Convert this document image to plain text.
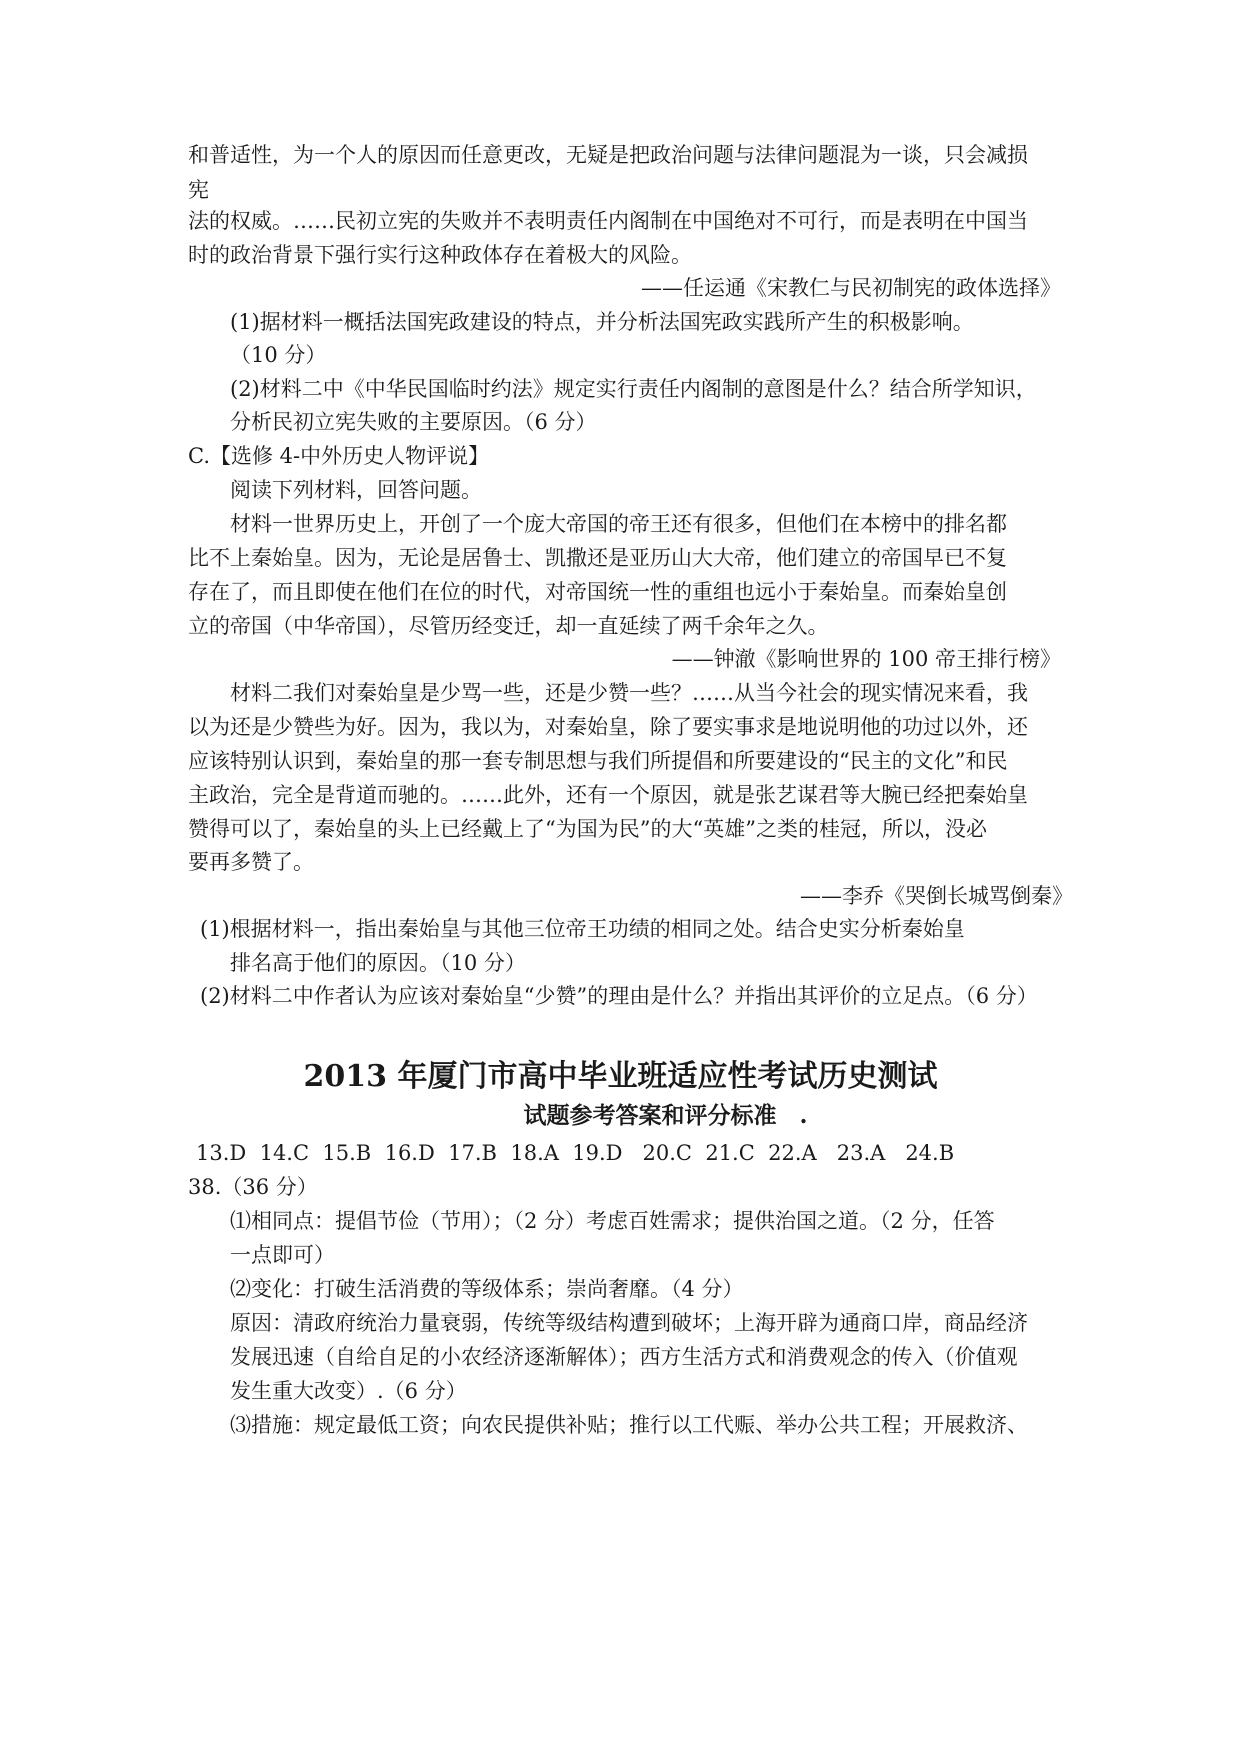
和普适性，为一个人的原因而任意更改，无疑是把政治问题与法律问题混为一谈，只会减损
宪
法的权威。……民初立宪的失败并不表明责任内阁制在中国绝对不可行，而是表明在中国当
时的政治背景下强行实行这种政体存在着极大的风险。
——任运通《宋教仁与民初制宪的政体选择》
(1)据材料一概括法国宪政建设的特点，并分析法国宪政实践所产生的积极影响。
（10 分）
(2)材料二中《中华民国临时约法》规定实行责任内阁制的意图是什么？结合所学知识，
分析民初立宪失败的主要原因。（6 分）
C.【选修 4-中外历史人物评说】
阅读下列材料，回答问题。
材料一世界历史上，开创了一个庞大帝国的帝王还有很多，但他们在本榜中的排名都
比不上秦始皇。因为，无论是居鲁士、凯撒还是亚历山大大帝，他们建立的帝国早已不复
存在了，而且即使在他们在位的时代，对帝国统一性的重组也远小于秦始皇。而秦始皇创
立的帝国（中华帝国），尽管历经变迁，却一直延续了两千余年之久。
——钟澈《影响世界的 100 帝王排行榜》
材料二我们对秦始皇是少骂一些，还是少赞一些？……从当今社会的现实情况来看，我
以为还是少赞些为好。因为，我以为，对秦始皇，除了要实事求是地说明他的功过以外，还
应该特别认识到，秦始皇的那一套专制思想与我们所提倡和所要建设的“民主的文化”和民
主政治，完全是背道而驰的。……此外，还有一个原因，就是张艺谋君等大腕已经把秦始皇
赞得可以了，秦始皇的头上已经戴上了“为国为民”的大“英雄”之类的桂冠，所以，没必
要再多赞了。
——李乔《哭倒长城骂倒秦》
(1)根据材料一，指出秦始皇与其他三位帝王功绩的相同之处。结合史实分析秦始皇
排名高于他们的原因。（10 分）
(2)材料二中作者认为应该对秦始皇“少赞”的理由是什么？并指出其评价的立足点。（6 分）
2013 年厦门市高中毕业班适应性考试历史测试
试题参考答案和评分标准　.
13.D  14.C  15.B  16.D  17.B  18.A  19.D   20.C  21.C  22.A   23.A   24.B
38.（36 分）
⑴相同点：提倡节俭（节用）；（2 分）考虑百姓需求；提供治国之道。（2 分，任答
一点即可）
⑵变化：打破生活消费的等级体系；崇尚奢靡。（4 分）
原因：清政府统治力量衰弱，传统等级结构遭到破坏；上海开辟为通商口岸，商品经济
发展迅速（自给自足的小农经济逐渐解体）；西方生活方式和消费观念的传入（价值观
发生重大改变）.（6 分）
⑶措施：规定最低工资；向农民提供补贴；推行以工代赈、举办公共工程；开展救济、
